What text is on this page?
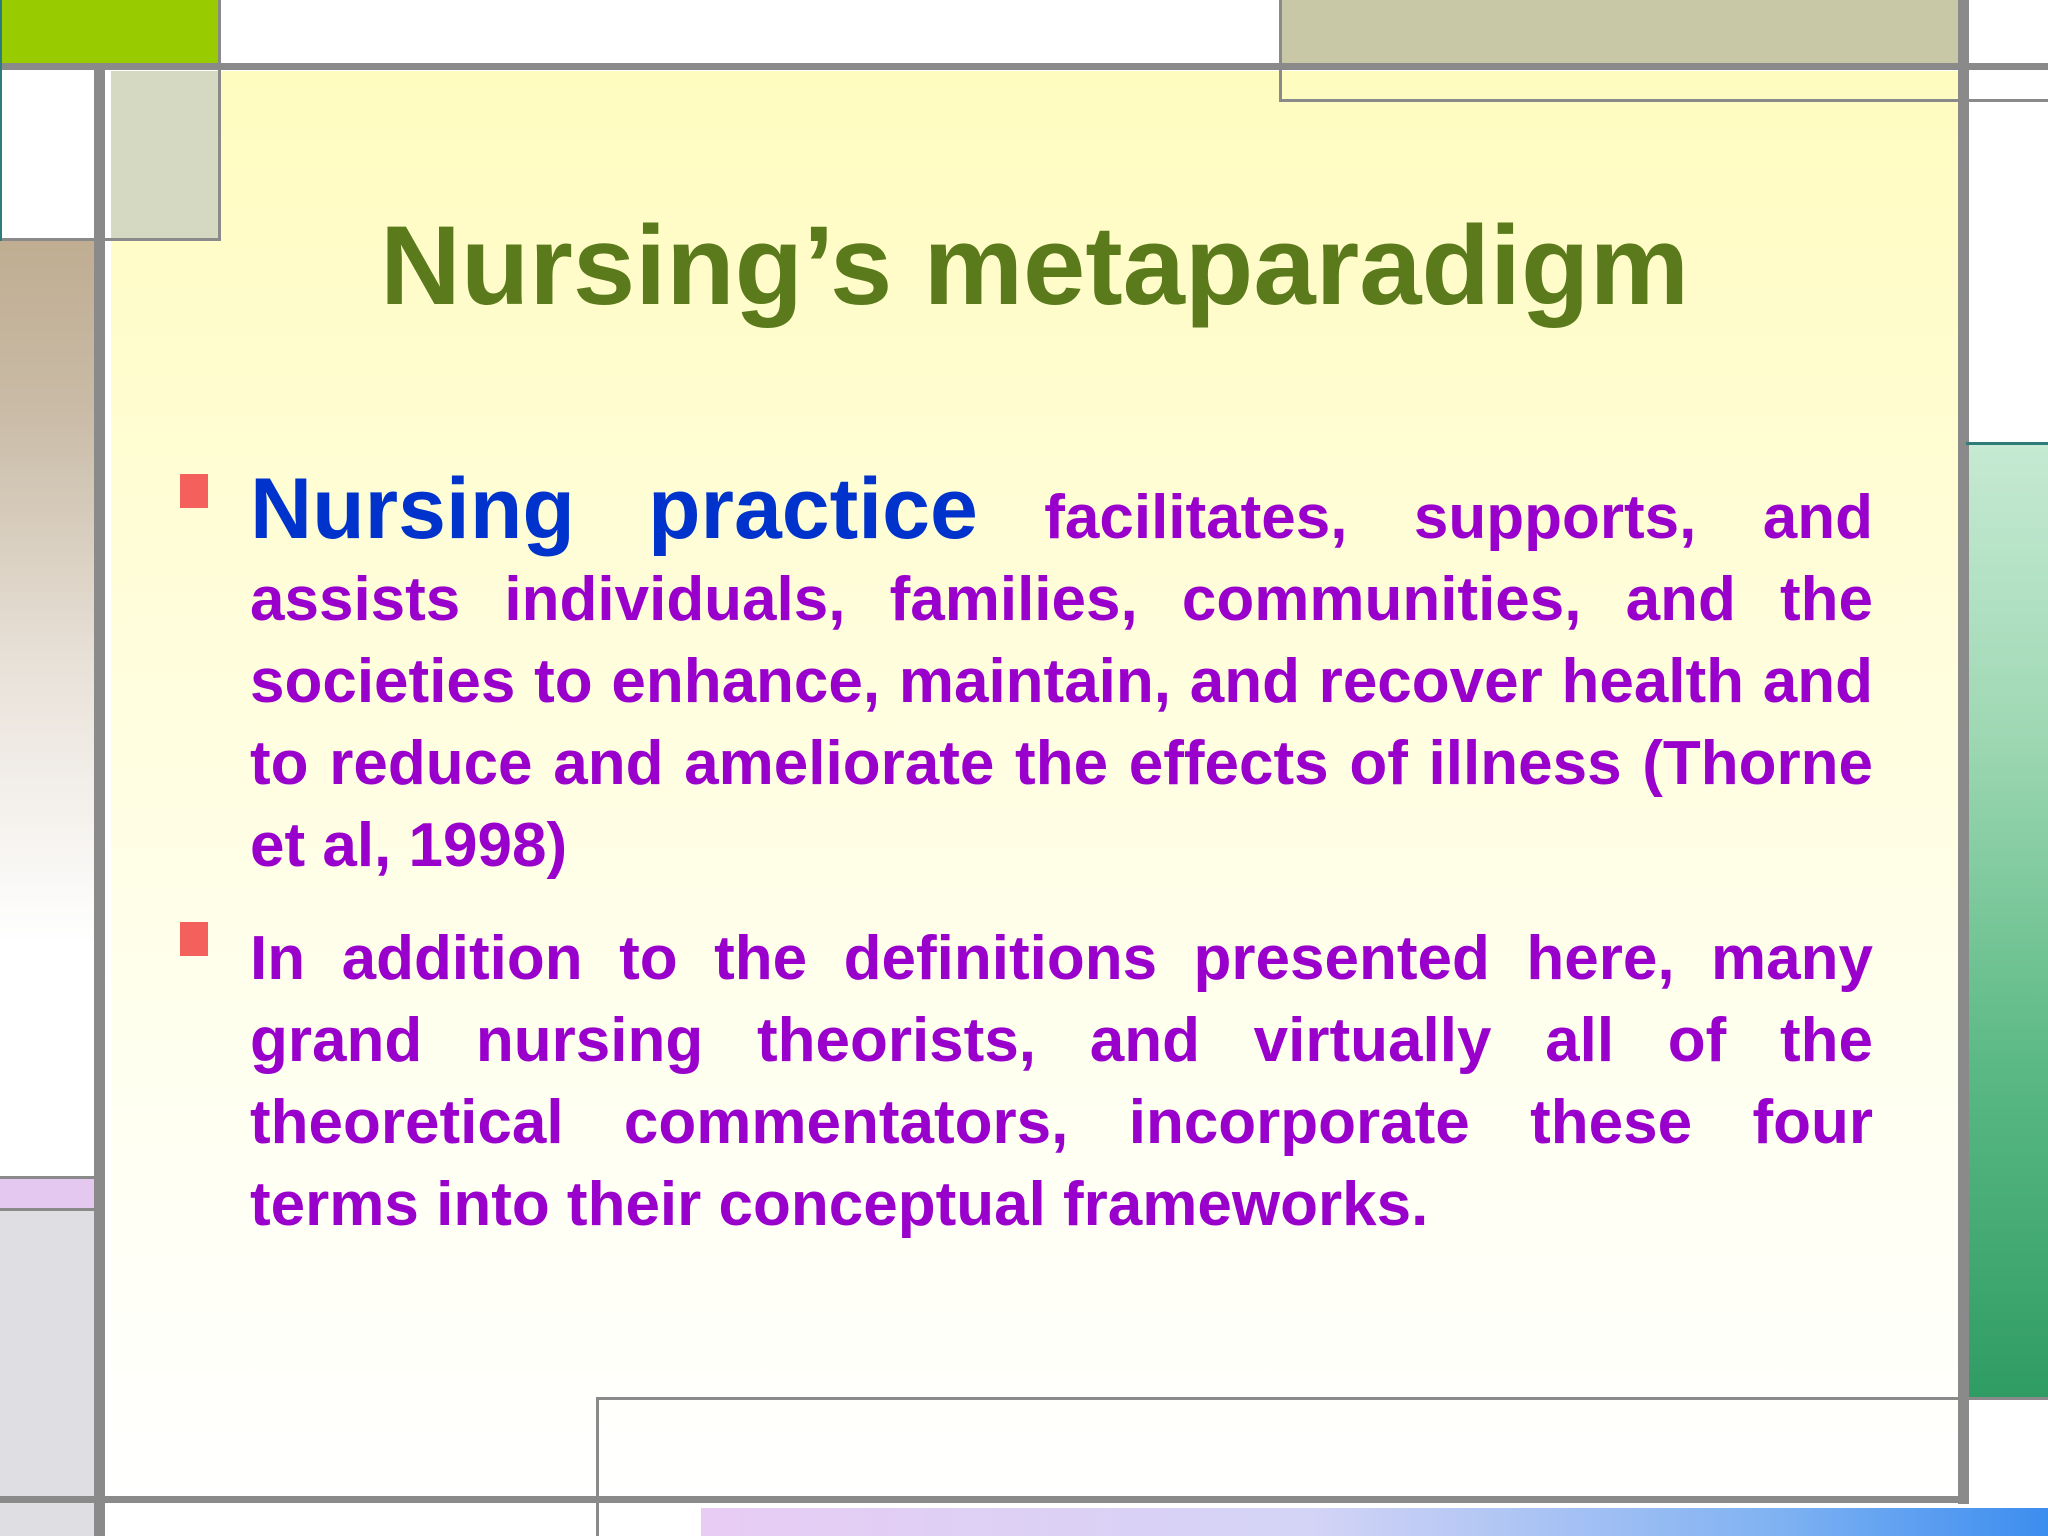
Nursing’s metaparadigm

Nursing practice facilitates, supports, and assists individuals, families, communities, and the societies to enhance, maintain, and recover health and to reduce and ameliorate the effects of illness (Thorne et al, 1998)

In addition to the definitions presented here, many grand nursing theorists, and virtually all of the theoretical commentators, incorporate these four terms into their conceptual frameworks.
